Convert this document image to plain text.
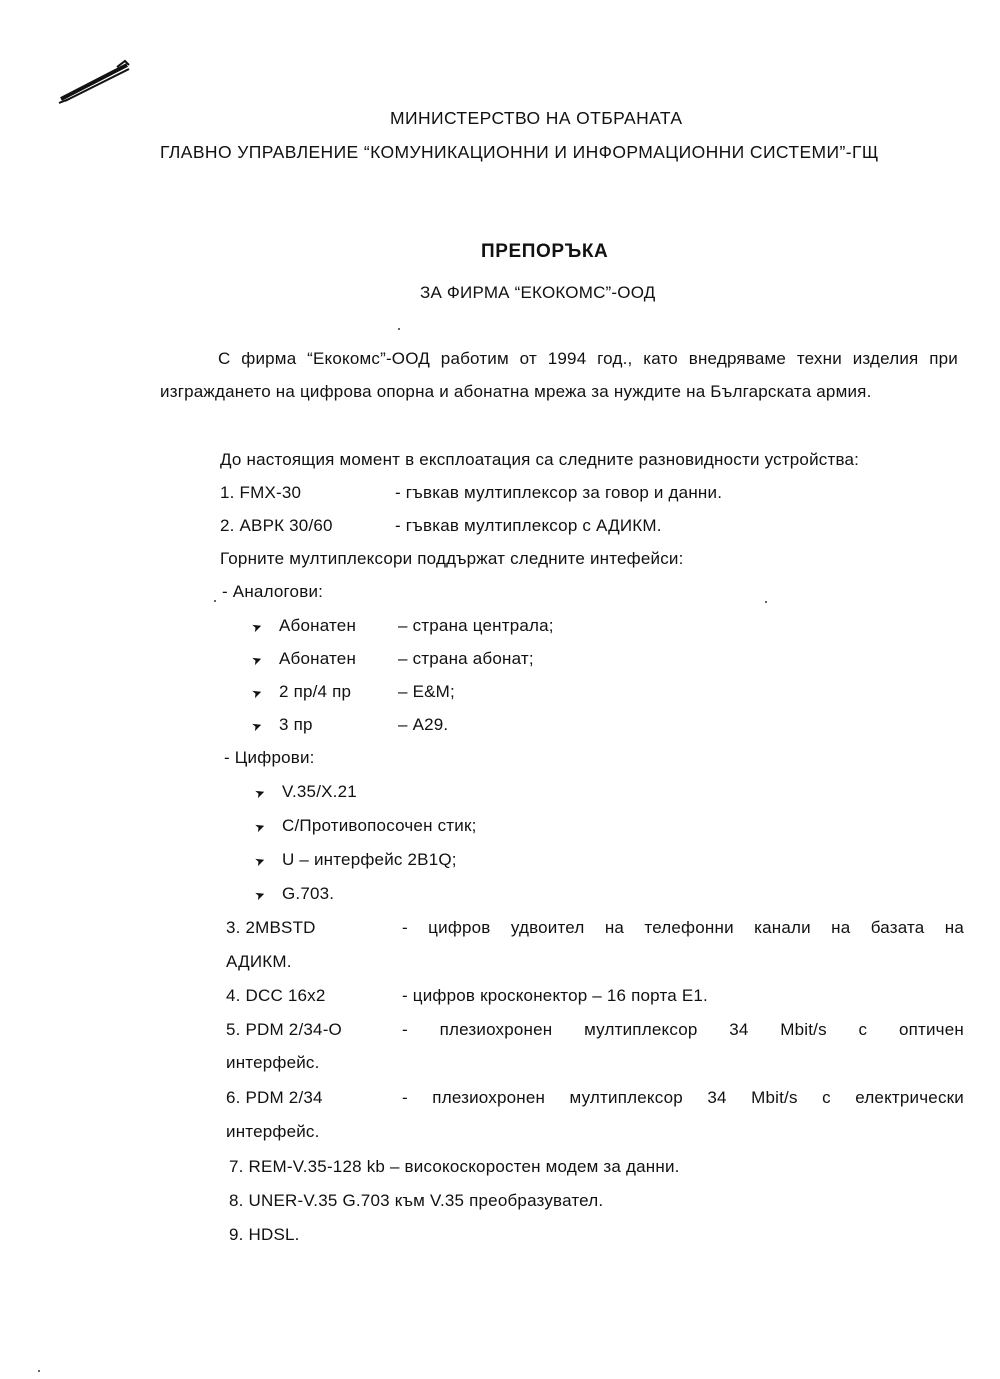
МИНИСТЕРСТВО НА ОТБРАНАТА
ГЛАВНО УПРАВЛЕНИЕ “КОМУНИКАЦИОННИ И ИНФОРМАЦИОННИ СИСТЕМИ”-ГЩ
ПРЕПОРЪКА
ЗА ФИРМА “ЕКОКОМС”-ООД
С фирма “Екокомс”-ООД работим от 1994 год., като внедряваме техни изделия при изграждането на цифрова опорна и абонатна мрежа за нуждите на Българската армия.
До настоящия момент в експлоатация са следните разновидности устройства:
1. FMX-30	- гъвкав мултиплексор за говор и данни.
2. АВРК 30/60	- гъвкав мултиплексор с АДИКМ.
Горните мултиплексори поддържат следните интефейси:
- Аналогови:
➤ Абонатен – страна централа;
➤ Абонатен – страна абонат;
➤ 2 пр/4 пр	– E&M;
➤ 3 пр	– А29.
- Цифрови:
➤ V.35/X.21
➤ С/Противопосочен стик;
➤ U – интерфейс 2B1Q;
➤ G.703.
3. 2MBSTD	- цифров удвоител на телефонни канали на базата на
АДИКМ.
4. DCC 16x2	- цифров кросконектор – 16 порта Е1.
5. PDM 2/34-O	- плезиохронен мултиплексор 34 Mbit/s с оптичен
интерфейс.
6. PDM 2/34	- плезиохронен мултиплексор 34 Mbit/s с електрически
интерфейс.
7. REM-V.35-128 kb – високоскоростен модем за данни.
8. UNER-V.35 G.703 към V.35 преобразувател.
9. HDSL.
